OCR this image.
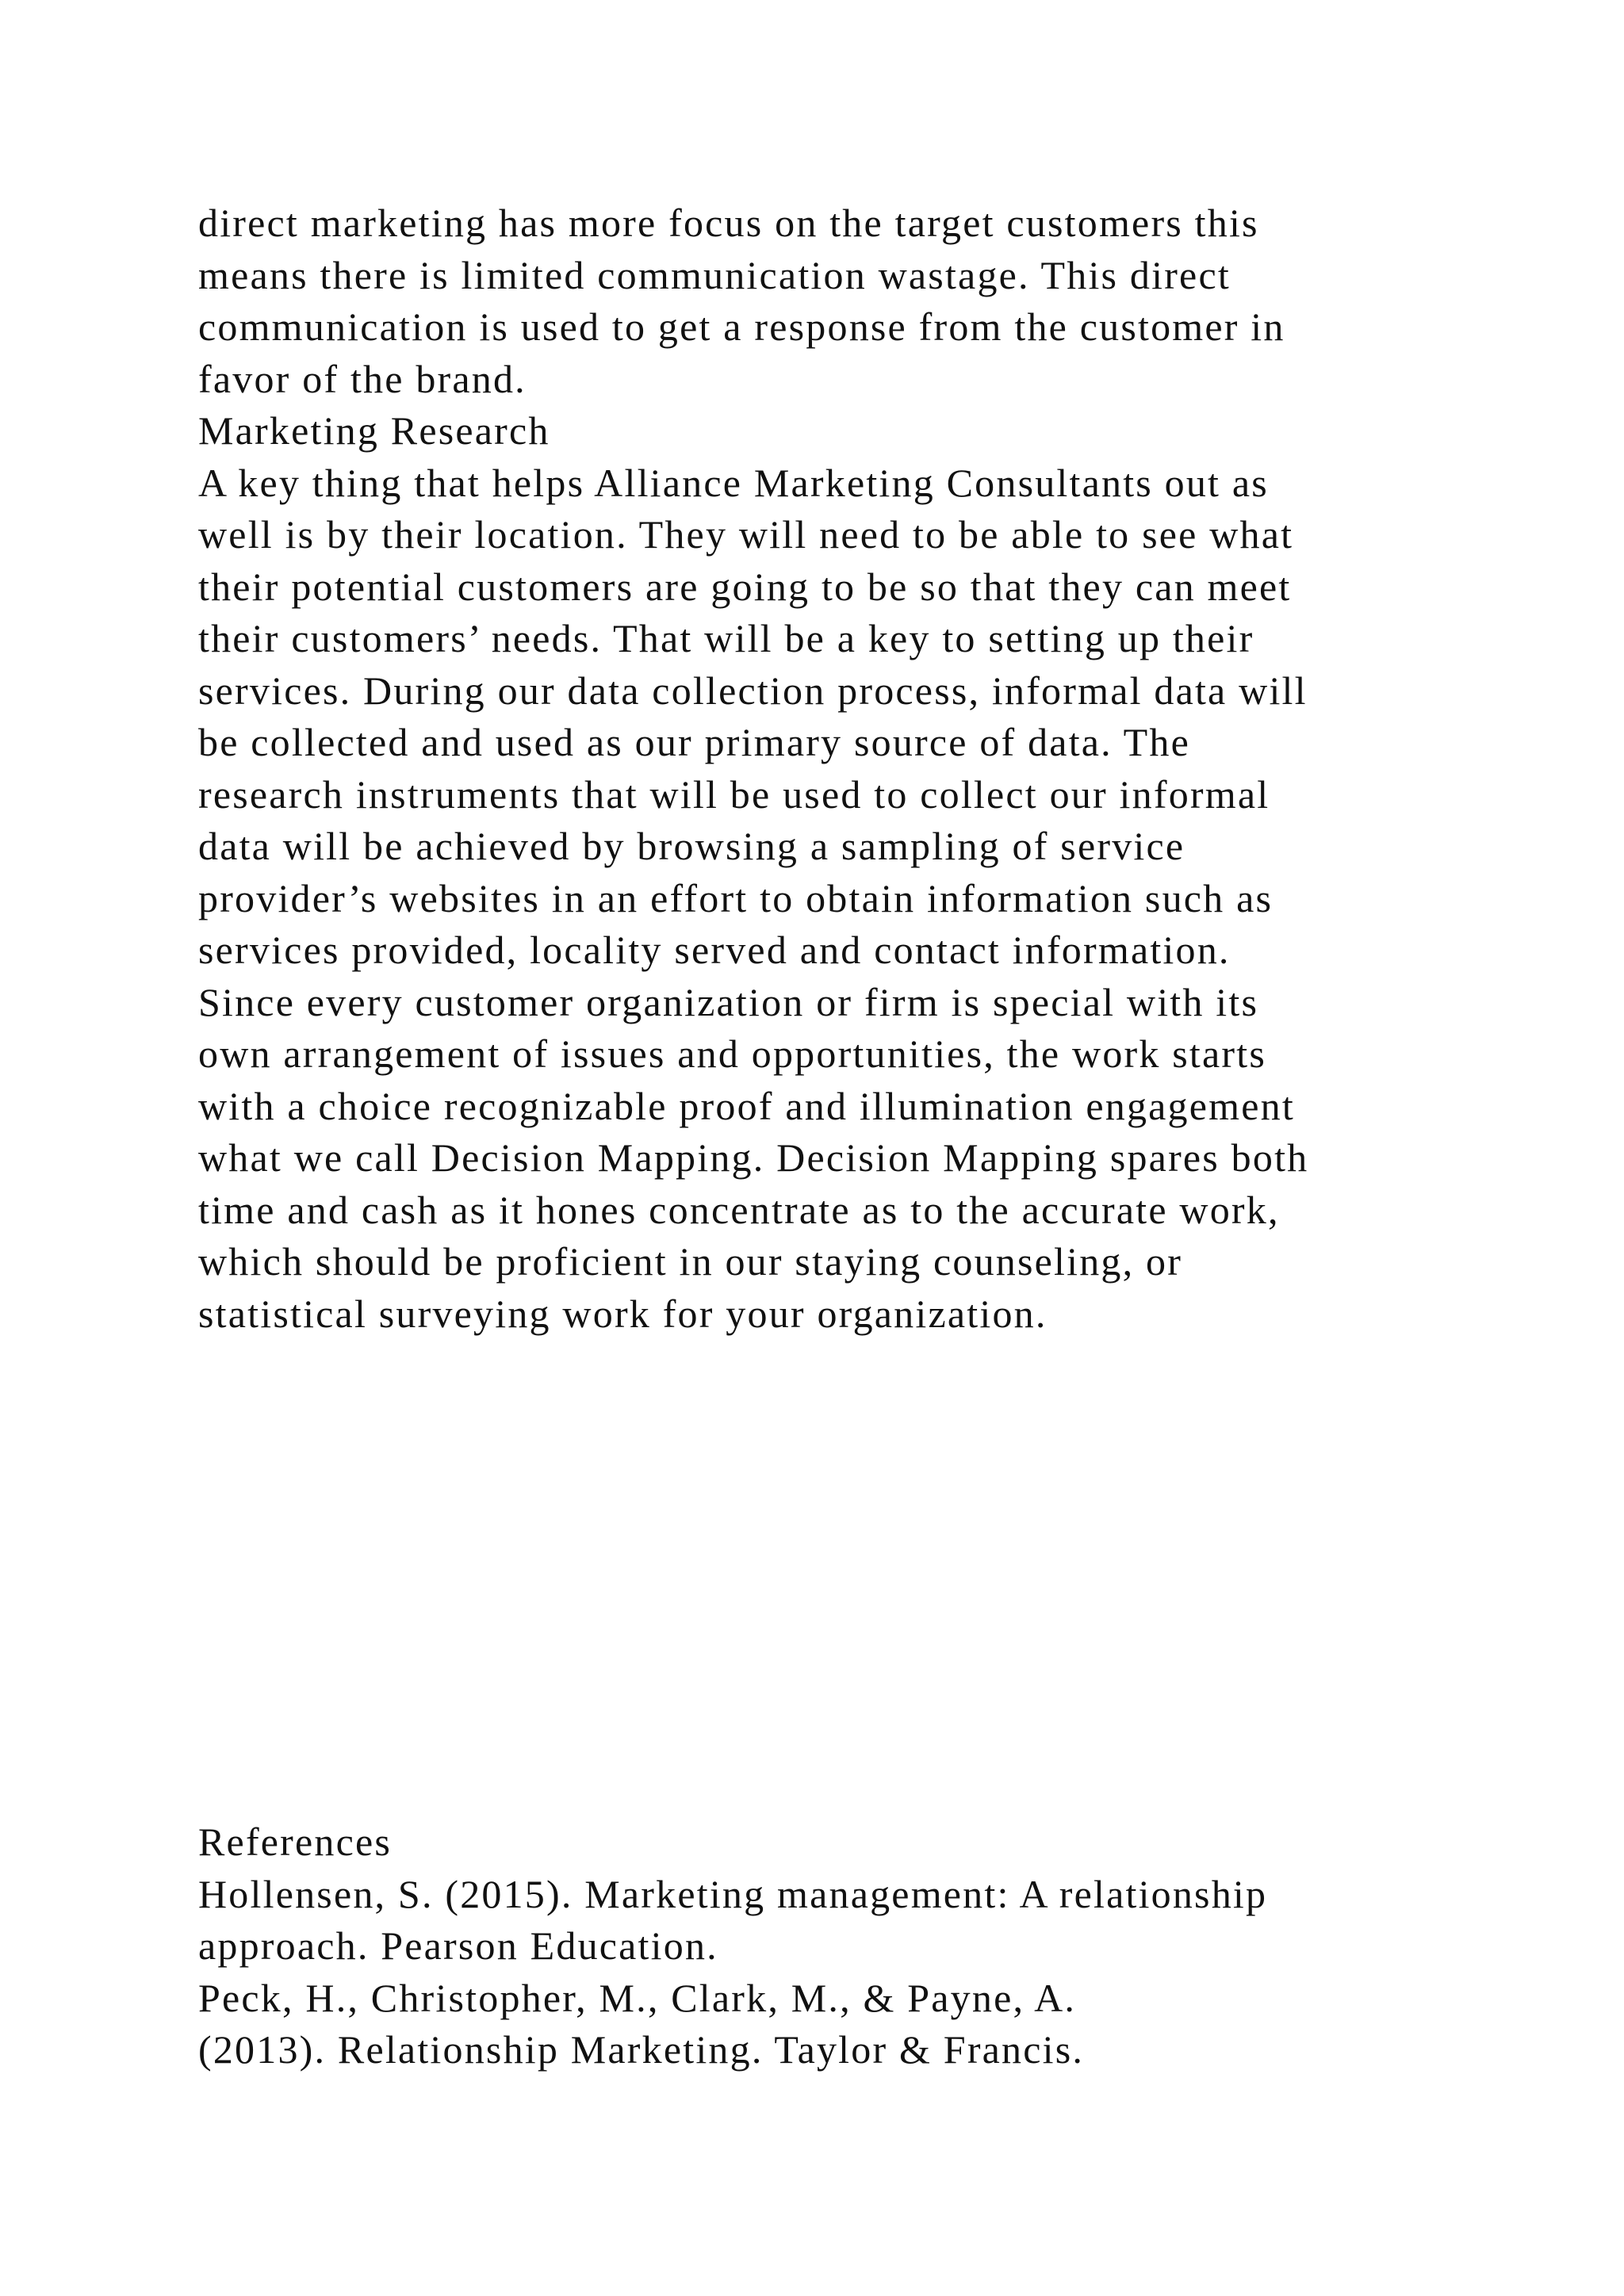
direct marketing has more focus on the target customers this
means there is limited communication wastage. This direct
communication is used to get a response from the customer in
favor of the brand.
Marketing Research
A key thing that helps Alliance Marketing Consultants out as
well is by their location. They will need to be able to see what
their potential customers are going to be so that they can meet
their customers’ needs. That will be a key to setting up their
services. During our data collection process, informal data will
be collected and used as our primary source of data. The
research instruments that will be used to collect our informal
data will be achieved by browsing a sampling of service
provider’s websites in an effort to obtain information such as
services provided, locality served and contact information.
Since every customer organization or firm is special with its
own arrangement of issues and opportunities, the work starts
with a choice recognizable proof and illumination engagement
what we call Decision Mapping. Decision Mapping spares both
time and cash as it hones concentrate as to the accurate work,
which should be proficient in our staying counseling, or
statistical surveying work for your organization.
References
Hollensen, S. (2015). Marketing management: A relationship
approach. Pearson Education.
Peck, H., Christopher, M., Clark, M., & Payne, A.
(2013). Relationship Marketing. Taylor & Francis.
